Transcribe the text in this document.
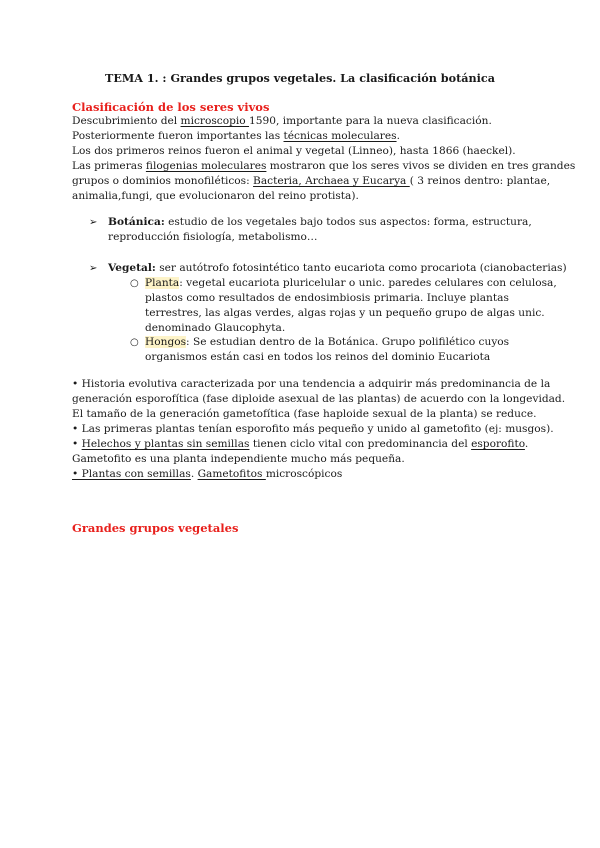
TEMA 1. : Grandes grupos vegetales. La clasificación botánica
Clasificación de los seres vivos
Descubrimiento del microscopio 1590, importante para la nueva clasificación.
Posteriormente fueron importantes las técnicas moleculares.
Los dos primeros reinos fueron el animal y vegetal (Linneo), hasta 1866 (haeckel).
Las primeras filogenias moleculares mostraron que los seres vivos se dividen en tres grandes
grupos o dominios monofiléticos: Bacteria, Archaea y Eucarya ( 3 reinos dentro: plantae,
animalia,fungi, que evolucionaron del reino protista).
➢ Botánica: estudio de los vegetales bajo todos sus aspectos: forma, estructura,
reproducción fisiología, metabolismo…
➢ Vegetal: ser autótrofo fotosintético tanto eucariota como procariota (cianobacterias)
○ Planta: vegetal eucariota pluricelular o unic. paredes celulares con celulosa,
plastos como resultados de endosimbiosis primaria. Incluye plantas
terrestres, las algas verdes, algas rojas y un pequeño grupo de algas unic.
denominado Glaucophyta.
○ Hongos: Se estudian dentro de la Botánica. Grupo polifilético cuyos
organismos están casi en todos los reinos del dominio Eucariota
• Historia evolutiva caracterizada por una tendencia a adquirir más predominancia de la
generación esporofítica (fase diploide asexual de las plantas) de acuerdo con la longevidad.
El tamaño de la generación gametofítica (fase haploide sexual de la planta) se reduce.
• Las primeras plantas tenían esporofito más pequeño y unido al gametofito (ej: musgos).
• Helechos y plantas sin semillas tienen ciclo vital con predominancia del esporofito.
Gametofito es una planta independiente mucho más pequeña.
• Plantas con semillas. Gametofitos microscópicos
Grandes grupos vegetales
